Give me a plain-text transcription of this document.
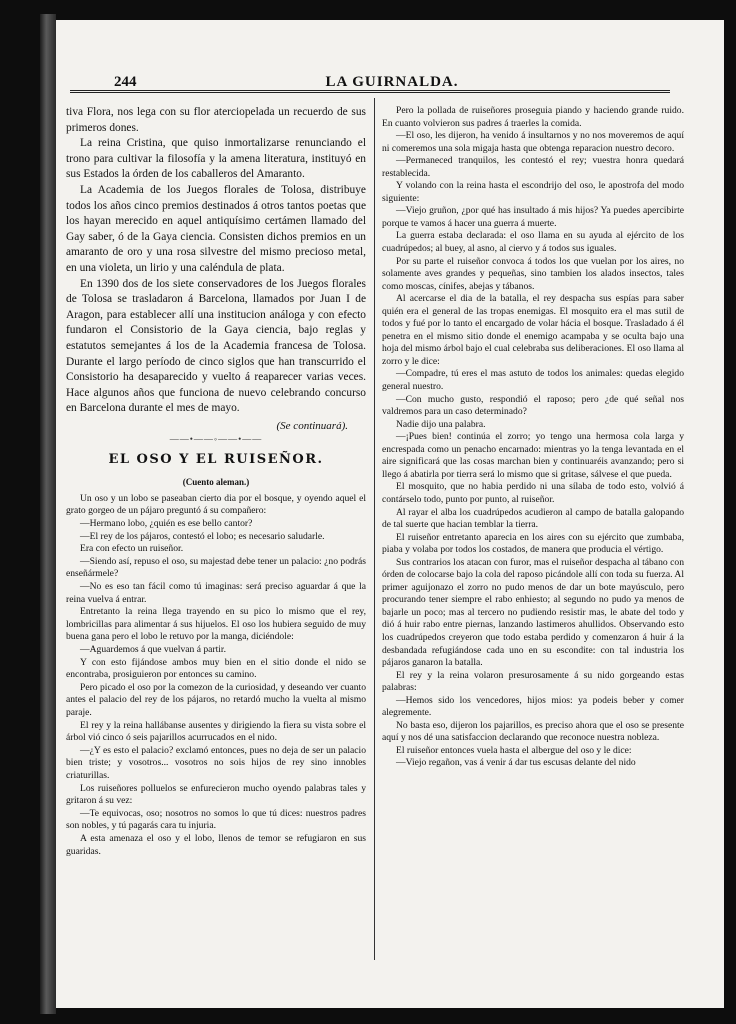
244	LA GUIRNALDA.

tiva Flora, nos lega con su flor aterciopelada un recuerdo de sus primeros dones.

La reina Cristina, que quiso inmortalizarse renunciando el trono para cultivar la filosofía y la amena literatura, instituyó en sus Estados la órden de los caballeros del Amaranto.

La Academia de los Juegos florales de Tolosa, distribuye todos los años cinco premios destinados á otros tantos poetas que los hayan merecido en aquel antiquísimo certámen llamado del Gay saber, ó de la Gaya ciencia. Consisten dichos premios en un amaranto de oro y una rosa silvestre del mismo precioso metal, en una violeta, un lirio y una caléndula de plata.

En 1390 dos de los siete conservadores de los Juegos florales de Tolosa se trasladaron á Barcelona, llamados por Juan I de Aragon, para establecer allí una institucion análoga y con efecto fundaron el Consistorio de la Gaya ciencia, bajo reglas y estatutos semejantes á los de la Academia francesa de Tolosa. Durante el largo período de cinco siglos que han transcurrido el Consistorio ha desaparecido y vuelto á reaparecer varias veces. Hace algunos años que funciona de nuevo celebrando concurso en Barcelona durante el mes de mayo.

(Se continuará).
——•——◦——•——
EL OSO Y EL RUISEÑOR.
(Cuento aleman.)

Un oso y un lobo se paseaban cierto dia por el bosque, y oyendo aquel el grato gorgeo de un pájaro preguntó á su compañero:

—Hermano lobo, ¿quién es ese bello cantor?

—El rey de los pájaros, contestó el lobo; es necesario saludarle.

Era con efecto un ruiseñor.

—Siendo así, repuso el oso, su majestad debe tener un palacio: ¿no podrás enseñármele?

—No es eso tan fácil como tú imaginas: será preciso aguardar á que la reina vuelva á entrar.

Entretanto la reina llega trayendo en su pico lo mismo que el rey, lombricillas para alimentar á sus hijuelos. El oso los hubiera seguido de muy buena gana pero el lobo le retuvo por la manga, diciéndole:

—Aguardemos á que vuelvan á partir.

Y con esto fijándose ambos muy bien en el sitio donde el nido se encontraba, prosiguieron por entonces su camino.

Pero picado el oso por la comezon de la curiosidad, y deseando ver cuanto antes el palacio del rey de los pájaros, no retardó mucho la vuelta al mismo paraje.

El rey y la reina hallábanse ausentes y dirigiendo la fiera su vista sobre el árbol vió cinco ó seis pajarillos acurrucados en el nido.

—¿Y es esto el palacio? exclamó entonces, pues no deja de ser un palacio bien triste; y vosotros... vosotros no sois hijos de rey sino innobles criaturillas.

Los ruiseñores polluelos se enfurecieron mucho oyendo palabras tales y gritaron á su vez:

—Te equivocas, oso; nosotros no somos lo que tú dices: nuestros padres son nobles, y tú pagarás cara tu injuria.

A esta amenaza el oso y el lobo, llenos de temor se refugiaron en sus guaridas.

Pero la pollada de ruiseñores proseguia piando y haciendo grande ruido. En cuanto volvieron sus padres á traerles la comida.

—El oso, les dijeron, ha venido á insultarnos y no nos moveremos de aquí ni comeremos una sola migaja hasta que obtenga reparacion nuestro decoro.

—Permaneced tranquilos, les contestó el rey; vuestra honra quedará restablecida.

Y volando con la reina hasta el escondrijo del oso, le apostrofa del modo siguiente:

—Viejo gruñon, ¿por qué has insultado á mis hijos? Ya puedes apercibirte porque te vamos á hacer una guerra á muerte.

La guerra estaba declarada: el oso llama en su ayuda al ejército de los cuadrúpedos; al buey, al asno, al ciervo y á todos sus iguales.

Por su parte el ruiseñor convoca á todos los que vuelan por los aires, no solamente aves grandes y pequeñas, sino tambien los alados insectos, tales como moscas, cínifes, abejas y tábanos.

Al acercarse el dia de la batalla, el rey despacha sus espías para saber quién era el general de las tropas enemigas. El mosquito era el mas sutil de todos y fué por lo tanto el encargado de volar hácia el bosque. Trasladado á él penetra en el mismo sitio donde el enemigo acampaba y se oculta bajo una hoja del mismo árbol bajo el cual celebraba sus deliberaciones. El oso llama al zorro y le dice:

—Compadre, tú eres el mas astuto de todos los animales: quedas elegido general nuestro.

—Con mucho gusto, respondió el raposo; pero ¿de qué señal nos valdremos para un caso determinado?

Nadie dijo una palabra.

—¡Pues bien! continúa el zorro; yo tengo una hermosa cola larga y encrespada como un penacho encarnado: mientras yo la tenga levantada en el aire significará que las cosas marchan bien y continuaréis avanzando; pero si llego á abatirla por tierra será lo mismo que si gritase, sálvese el que pueda.

El mosquito, que no habia perdido ni una sílaba de todo esto, volvió á contárselo todo, punto por punto, al ruiseñor.

Al rayar el alba los cuadrúpedos acudieron al campo de batalla galopando de tal suerte que hacian temblar la tierra.

El ruiseñor entretanto aparecia en los aires con su ejército que zumbaba, piaba y volaba por todos los costados, de manera que producia el vértigo.

Sus contrarios los atacan con furor, mas el ruiseñor despacha al tábano con órden de colocarse bajo la cola del raposo picándole allí con toda su fuerza. Al primer aguijonazo el zorro no pudo menos de dar un bote mayúsculo, pero procurando tener siempre el rabo enhiesto; al segundo no pudo ya menos de bajarle un poco; mas al tercero no pudiendo resistir mas, le abate del todo y dió á huir rabo entre piernas, lanzando lastimeros ahullidos. Observando esto los cuadrúpedos creyeron que todo estaba perdido y comenzaron á huir á la desbandada refugiándose cada uno en su escondite: con tal industria los pájaros ganaron la batalla.

El rey y la reina volaron presurosamente á su nido gorgeando estas palabras:

—Hemos sido los vencedores, hijos mios: ya podeis beber y comer alegremente.

No basta eso, dijeron los pajarillos, es preciso ahora que el oso se presente aquí y nos dé una satisfaccion declarando que reconoce nuestra nobleza.

El ruiseñor entonces vuela hasta el albergue del oso y le dice:

—Viejo regañon, vas á venir á dar tus escusas delante del nido
